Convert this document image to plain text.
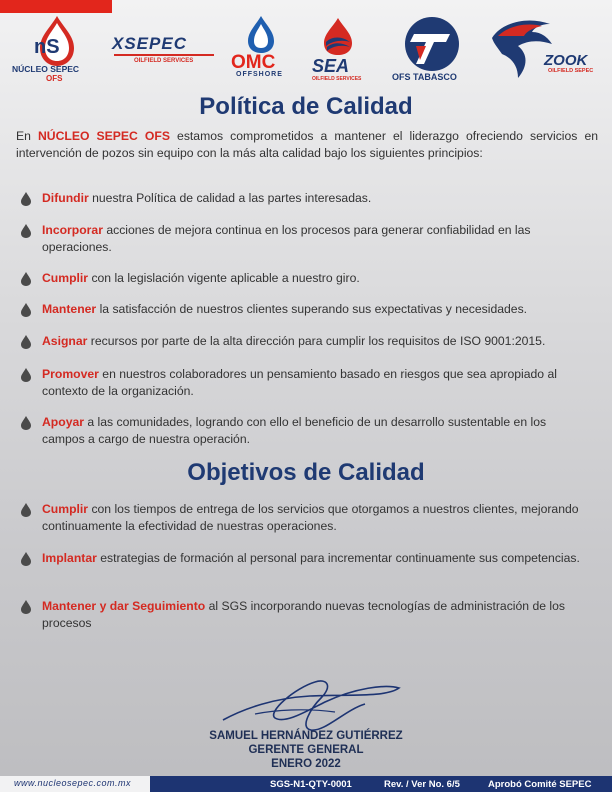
nS
NÚCLEO SEPEC
OFS
XSEPEC
OILFIELD SERVICES OMC
OFFSHORE SEA
OILFIELD SERVICES	OFS TABASCO
ZOOK
OILFIELD SEPEC
Política de Calidad
En NÚCLEO SEPEC OFS estamos comprometidos a mantener el liderazgo ofreciendo servicios en intervención de pozos sin equipo con la más alta calidad bajo los siguientes principios:
Difundir nuestra Política de calidad a las partes interesadas.
Incorporar acciones de mejora continua en los procesos para generar confiabilidad en las operaciones.
Cumplir con la legislación vigente aplicable a nuestro giro.
Mantener la satisfacción de nuestros clientes superando sus expectativas y necesidades.
Asignar recursos por parte de la alta dirección para cumplir los requisitos de ISO 9001:2015.
Promover en nuestros colaboradores un pensamiento basado en riesgos que sea apropiado al contexto de la organización.
Apoyar a las comunidades, logrando con ello el beneficio de un desarrollo sustentable en los campos a cargo de nuestra operación.
Objetivos de Calidad
Cumplir con los tiempos de entrega de los servicios que otorgamos a nuestros clientes, mejorando continuamente la efectividad de nuestras operaciones.
Implantar estrategias de formación al personal para incrementar continuamente sus competencias.
Mantener y dar Seguimiento al SGS incorporando nuevas tecnologías de administración de los procesos
SAMUEL HERNÁNDEZ GUTIÉRREZ
GERENTE GENERAL
ENERO 2022
www.nucleosepec.com.mx	SGS-N1-QTY-0001	Rev. / Ver No. 6/5	Aprobó Comité SEPEC
